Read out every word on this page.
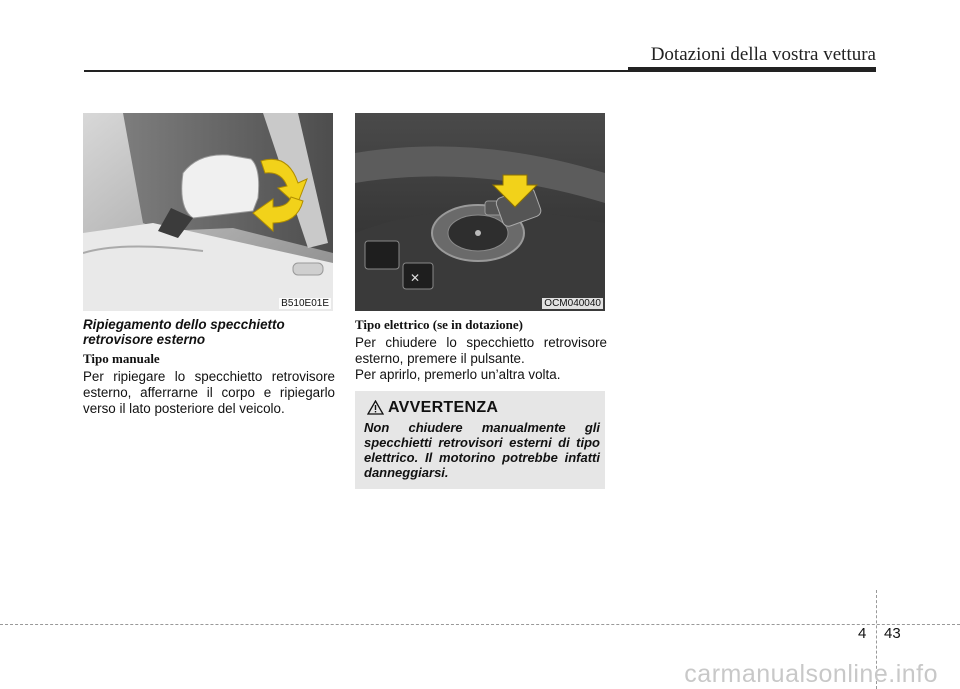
Dotazioni della vostra vettura
B510E01E
✕
OCM040040

Ripiegamento dello specchietto retrovisore esterno

Tipo manuale

Per ripiegare lo specchietto retrovisore esterno, afferrarne il corpo e ripiegarlo verso il lato posteriore del veicolo.

Tipo elettrico (se in dotazione)

Per chiudere lo specchietto retrovisore esterno, premere il pulsante.

Per aprirlo, premerlo un’altra volta.

AVVERTENZA
Non chiudere manualmente gli specchietti retrovisori esterni di tipo elettrico. Il motorino potrebbe infatti danneggiarsi.
4 43
carmanualsonline.info
